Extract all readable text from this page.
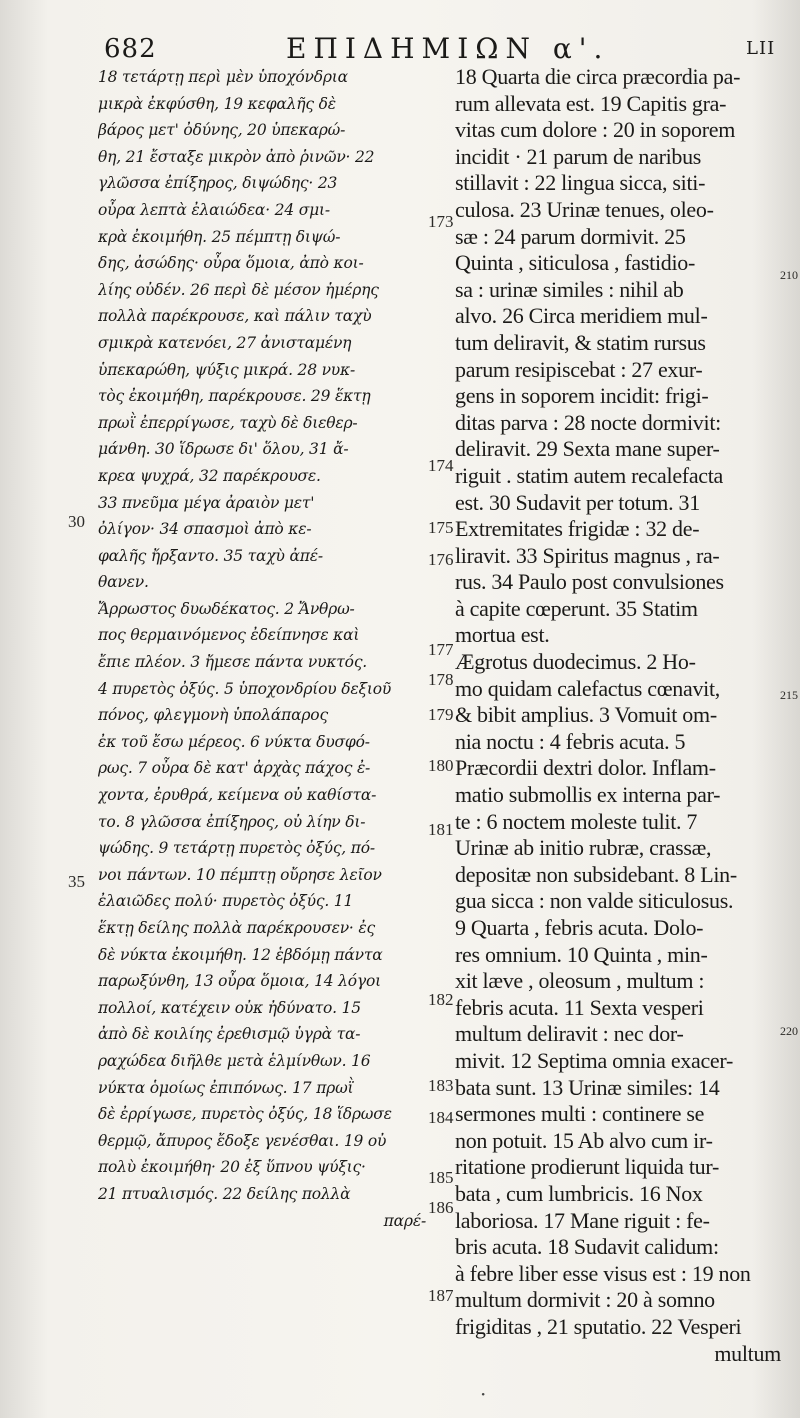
682	ΕΠΙΔΗΜΙΩΝ α'.	LII
18 τετάρτῃ περὶ μὲν ὑποχόνδρια
μικρὰ ἐκφύσθη, 19 κεφαλῆς δὲ
βάρος μετ' ὀδύνης, 20 ὑπεκαρώ-
θη, 21 ἔσταξε μικρὸν ἀπὸ ῥινῶν· 22
γλῶσσα ἐπίξηρος, διψώδης· 23
οὖρα λεπτὰ ἐλαιώδεα· 24 σμι-
κρὰ ἐκοιμήθη. 25 πέμπτῃ διψώ-
δης, ἀσώδης· οὖρα ὅμοια, ἀπὸ κοι-
λίης οὐδέν. 26 περὶ δὲ μέσον ἡμέρης
πολλὰ παρέκρουσε, καὶ πάλιν ταχὺ
σμικρὰ κατενόει, 27 ἀνισταμένη
ὑπεκαρώθη, ψύξις μικρά. 28 νυκ-
τὸς ἐκοιμήθη, παρέκρουσε. 29 ἕκτῃ
πρωῒ ἐπερρίγωσε, ταχὺ δὲ διεθερ-
μάνθη. 30 ἵδρωσε δι' ὅλου, 31 ἄ-
κρεα ψυχρά, 32 παρέκρουσε.
33 πνεῦμα μέγα ἀραιὸν μετ'
ὀλίγον· 34 σπασμοὶ ἀπὸ κε-
φαλῆς ἤρξαντο. 35 ταχὺ ἀπέ-
θανεν.
Ἄρρωστος δυωδέκατος. 2 Ἄνθρω-
πος θερμαινόμενος ἐδείπνησε καὶ
ἔπιε πλέον. 3 ἤμεσε πάντα νυκτός.
4 πυρετὸς ὀξύς. 5 ὑποχονδρίου δεξιοῦ
πόνος, φλεγμονὴ ὑπολάπαρος
ἐκ τοῦ ἔσω μέρεος. 6 νύκτα δυσφό-
ρως. 7 οὖρα δὲ κατ' ἀρχὰς πάχος ἐ-
χοντα, ἐρυθρά, κείμενα οὐ καθίστα-
το. 8 γλῶσσα ἐπίξηρος, οὐ λίην δι-
ψώδης. 9 τετάρτῃ πυρετὸς ὀξύς, πό-
νοι πάντων. 10 πέμπτῃ οὔρησε λεῖον
ἐλαιῶδες πολύ· πυρετὸς ὀξύς. 11
ἕκτῃ δείλης πολλὰ παρέκρουσεν· ἐς
δὲ νύκτα ἐκοιμήθη. 12 ἑβδόμῃ πάντα
παρωξύνθη, 13 οὖρα ὅμοια, 14 λόγοι
πολλοί, κατέχειν οὐκ ἠδύνατο. 15
ἀπὸ δὲ κοιλίης ἐρεθισμῷ ὑγρὰ τα-
ραχώδεα διῆλθε μετὰ ἑλμίνθων. 16
νύκτα ὁμοίως ἐπιπόνως. 17 πρωῒ
δὲ ἐρρίγωσε, πυρετὸς ὀξύς, 18 ἵδρωσε
θερμῷ, ἄπυρος ἔδοξε γενέσθαι. 19 οὐ
πολὺ ἐκοιμήθη· 20 ἐξ ὕπνου ψύξις·
21 πτυαλισμός. 22 δείλης πολλὰ
παρέ-
18 Quarta die circa præcordia pa-
rum allevata est. 19 Capitis gra-
vitas cum dolore : 20 in soporem
incidit · 21 parum de naribus
stillavit : 22 lingua sicca, siti-
culosa. 23 Urinæ tenues, oleo-
sæ : 24 parum dormivit. 25
Quinta , siticulosa , fastidio-
sa : urinæ similes : nihil ab
alvo. 26 Circa meridiem mul-
tum deliravit, & statim rursus
parum resipiscebat : 27 exur-
gens in soporem incidit: frigi-
ditas parva : 28 nocte dormivit:
deliravit. 29 Sexta mane super-
riguit . statim autem recalefacta
est. 30 Sudavit per totum. 31
Extremitates frigidæ : 32 de-
liravit. 33 Spiritus magnus , ra-
rus. 34 Paulo post convulsiones
à capite cœperunt. 35 Statim
mortua est.
Ægrotus duodecimus. 2 Ho-
mo quidam calefactus cœnavit,
& bibit amplius. 3 Vomuit om-
nia noctu : 4 febris acuta. 5
Præcordii dextri dolor. Inflam-
matio submollis ex interna par-
te : 6 noctem moleste tulit. 7
Urinæ ab initio rubræ, crassæ,
depositæ non subsidebant. 8 Lin-
gua sicca : non valde siticulosus.
9 Quarta , febris acuta. Dolo-
res omnium. 10 Quinta , min-
xit læve , oleosum , multum :
febris acuta. 11 Sexta vesperi
multum deliravit : nec dor-
mivit. 12 Septima omnia exacer-
bata sunt. 13 Urinæ similes: 14
sermones multi : continere se
non potuit. 15 Ab alvo cum ir-
ritatione prodierunt liquida tur-
bata , cum lumbricis. 16 Nox
laboriosa. 17 Mane riguit : fe-
bris acuta. 18 Sudavit calidum:
à febre liber esse visus est : 19 non
multum dormivit : 20 à somno
frigiditas , 21 sputatio. 22 Vesperi
multum
30
35
173
174
175
176
177
178
179
180
181
182
183
184
185
186
187
210
215
220
·
